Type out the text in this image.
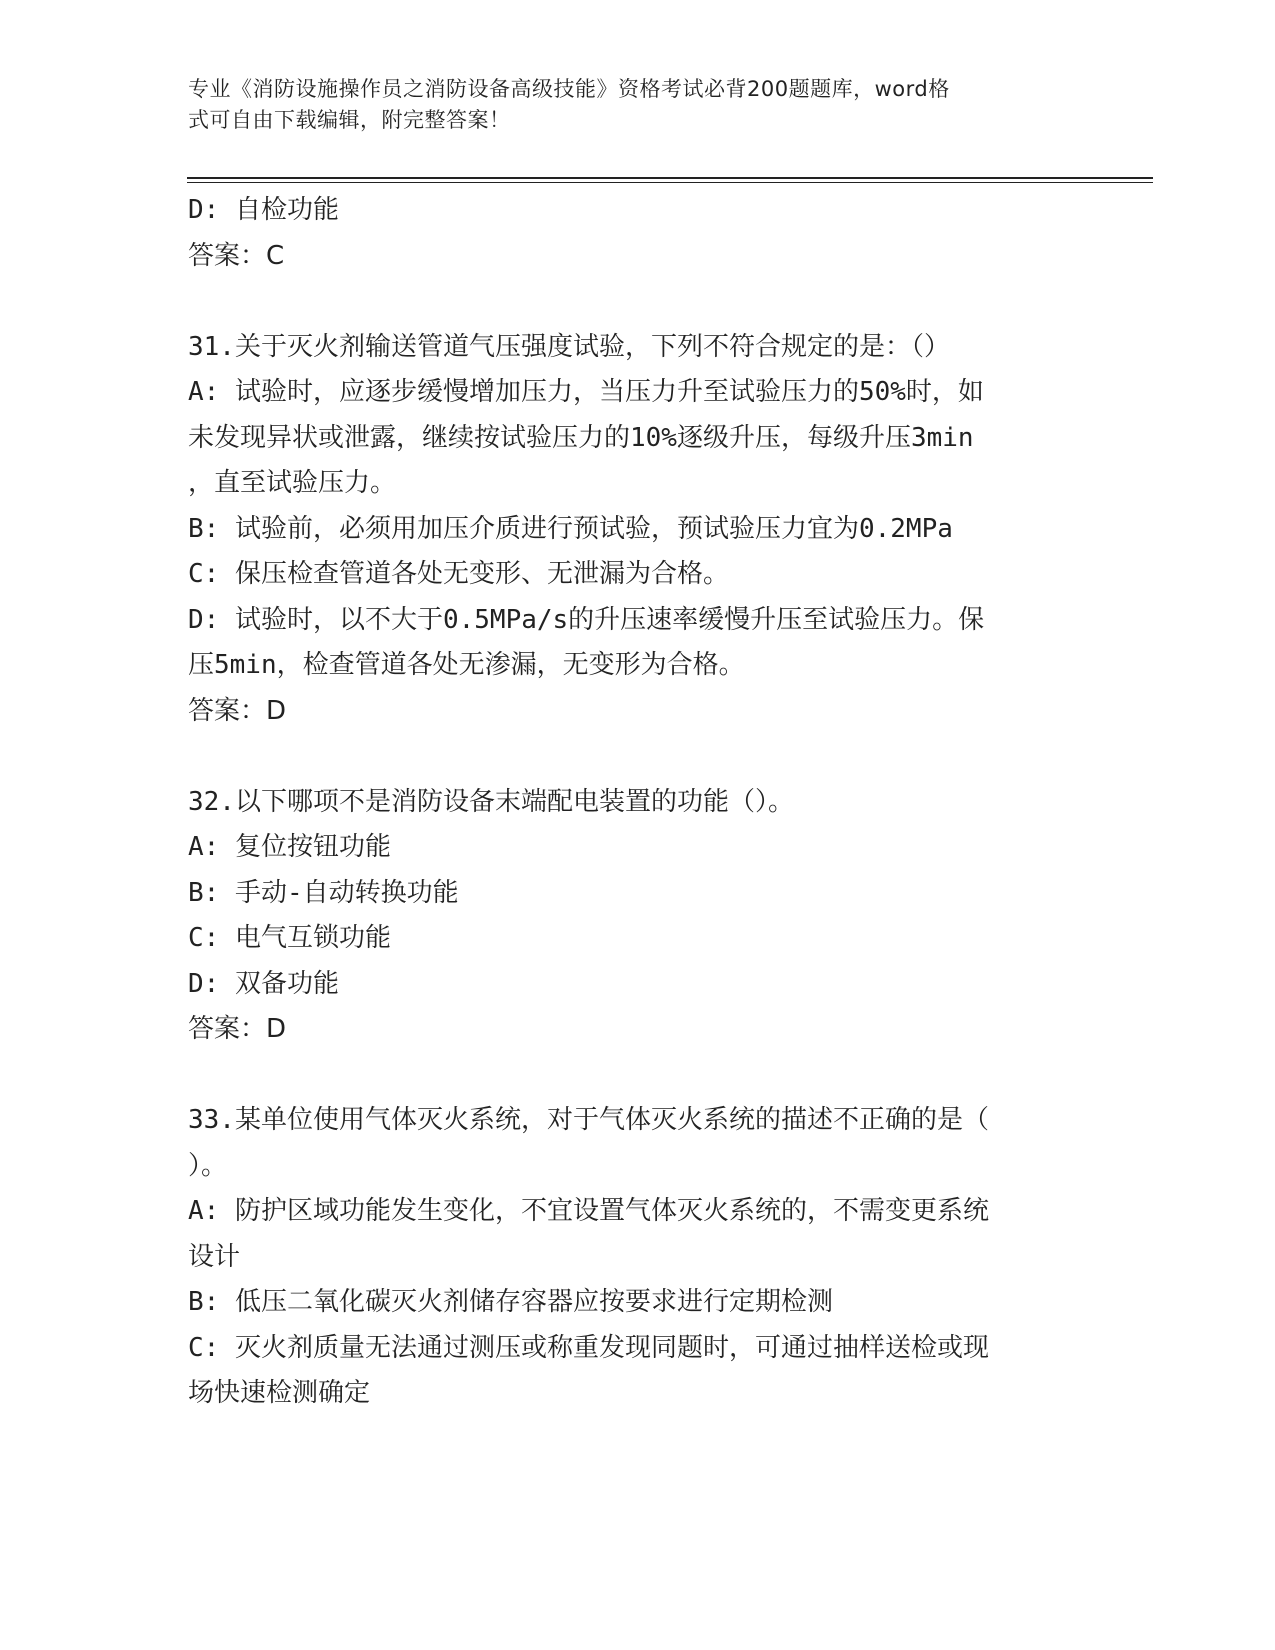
专业《消防设施操作员之消防设备高级技能》资格考试必背200题题库，word格
式可自由下载编辑，附完整答案！
D: 自检功能
答案：C
31.关于灭火剂输送管道气压强度试验，下列不符合规定的是：（）
A: 试验时，应逐步缓慢增加压力，当压力升至试验压力的50%时，如
未发现异状或泄露，继续按试验压力的10%逐级升压，每级升压3min
，直至试验压力。
B: 试验前，必须用加压介质进行预试验，预试验压力宜为0.2MPa
C: 保压检查管道各处无变形、无泄漏为合格。
D: 试验时，以不大于0.5MPa/s的升压速率缓慢升压至试验压力。保
压5min，检查管道各处无渗漏，无变形为合格。
答案：D
32.以下哪项不是消防设备末端配电装置的功能（）。
A: 复位按钮功能
B: 手动-自动转换功能
C: 电气互锁功能
D: 双备功能
答案：D
33.某单位使用气体灭火系统，对于气体灭火系统的描述不正确的是（
）。
A: 防护区域功能发生变化，不宜设置气体灭火系统的，不需变更系统
设计
B: 低压二氧化碳灭火剂储存容器应按要求进行定期检测
C: 灭火剂质量无法通过测压或称重发现同题时，可通过抽样送检或现
场快速检测确定
